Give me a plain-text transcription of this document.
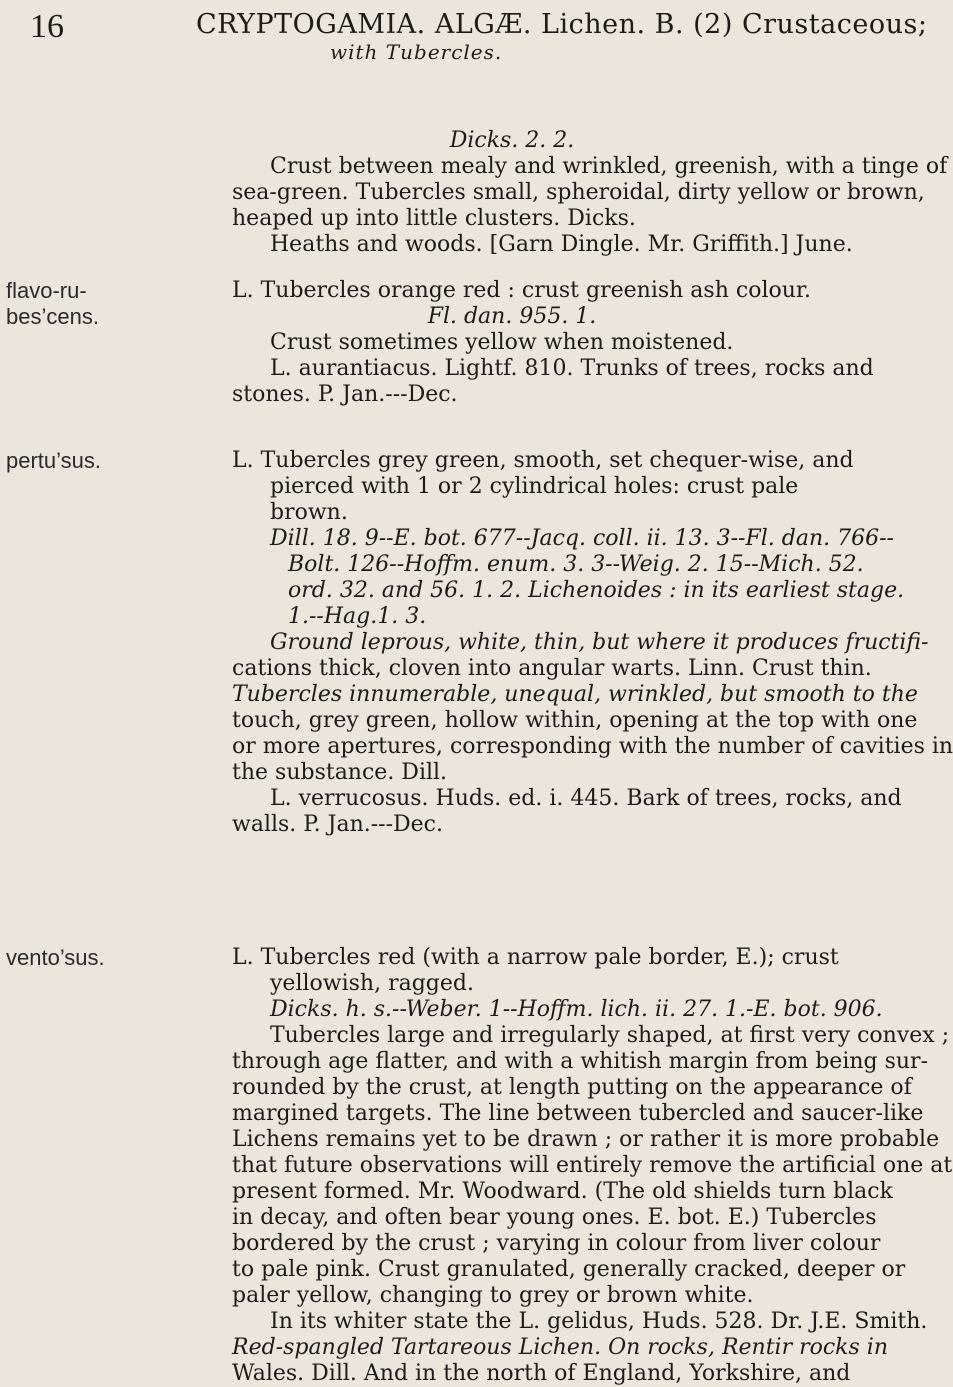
16	CRYPTOGAMIA. ALGÆ. Lichen. B. (2) Crustaceous;
with Tubercles.
flavo-ru-
bes’cens.
pertu’sus.
vento’sus.

Dicks. 2. 2.

Crust between mealy and wrinkled, greenish, with a tinge of

sea-green. Tubercles small, spheroidal, dirty yellow or brown,

heaped up into little clusters. Dicks.

Heaths and woods. [Garn Dingle. Mr. Griffith.] June.

L. Tubercles orange red : crust greenish ash colour.

Fl. dan. 955. 1.

Crust sometimes yellow when moistened.

L. aurantiacus. Lightf. 810. Trunks of trees, rocks and

stones. P. Jan.---Dec.

L. Tubercles grey green, smooth, set chequer-wise, and

pierced with 1 or 2 cylindrical holes: crust pale

brown.

Dill. 18. 9--E. bot. 677--Jacq. coll. ii. 13. 3--Fl. dan. 766--

Bolt. 126--Hoffm. enum. 3. 3--Weig. 2. 15--Mich. 52.

ord. 32. and 56. 1. 2. Lichenoides : in its earliest stage.

1.--Hag.1. 3.

Ground leprous, white, thin, but where it produces fructifi-

cations thick, cloven into angular warts. Linn. Crust thin.

Tubercles innumerable, unequal, wrinkled, but smooth to the

touch, grey green, hollow within, opening at the top with one

or more apertures, corresponding with the number of cavities in

the substance. Dill.

L. verrucosus. Huds. ed. i. 445. Bark of trees, rocks, and

walls. P. Jan.---Dec.

L. Tubercles red (with a narrow pale border, E.); crust

yellowish, ragged.

Dicks. h. s.--Weber. 1--Hoffm. lich. ii. 27. 1.-E. bot. 906.

Tubercles large and irregularly shaped, at first very convex ;

through age flatter, and with a whitish margin from being sur-

rounded by the crust, at length putting on the appearance of

margined targets. The line between tubercled and saucer-like

Lichens remains yet to be drawn ; or rather it is more probable

that future observations will entirely remove the artificial one at

present formed. Mr. Woodward. (The old shields turn black

in decay, and often bear young ones. E. bot. E.) Tubercles

bordered by the crust ; varying in colour from liver colour

to pale pink. Crust granulated, generally cracked, deeper or

paler yellow, changing to grey or brown white.

In its whiter state the L. gelidus, Huds. 528. Dr. J.E. Smith.

Red-spangled Tartareous Lichen. On rocks, Rentir rocks in

Wales. Dill. And in the north of England, Yorkshire, and
